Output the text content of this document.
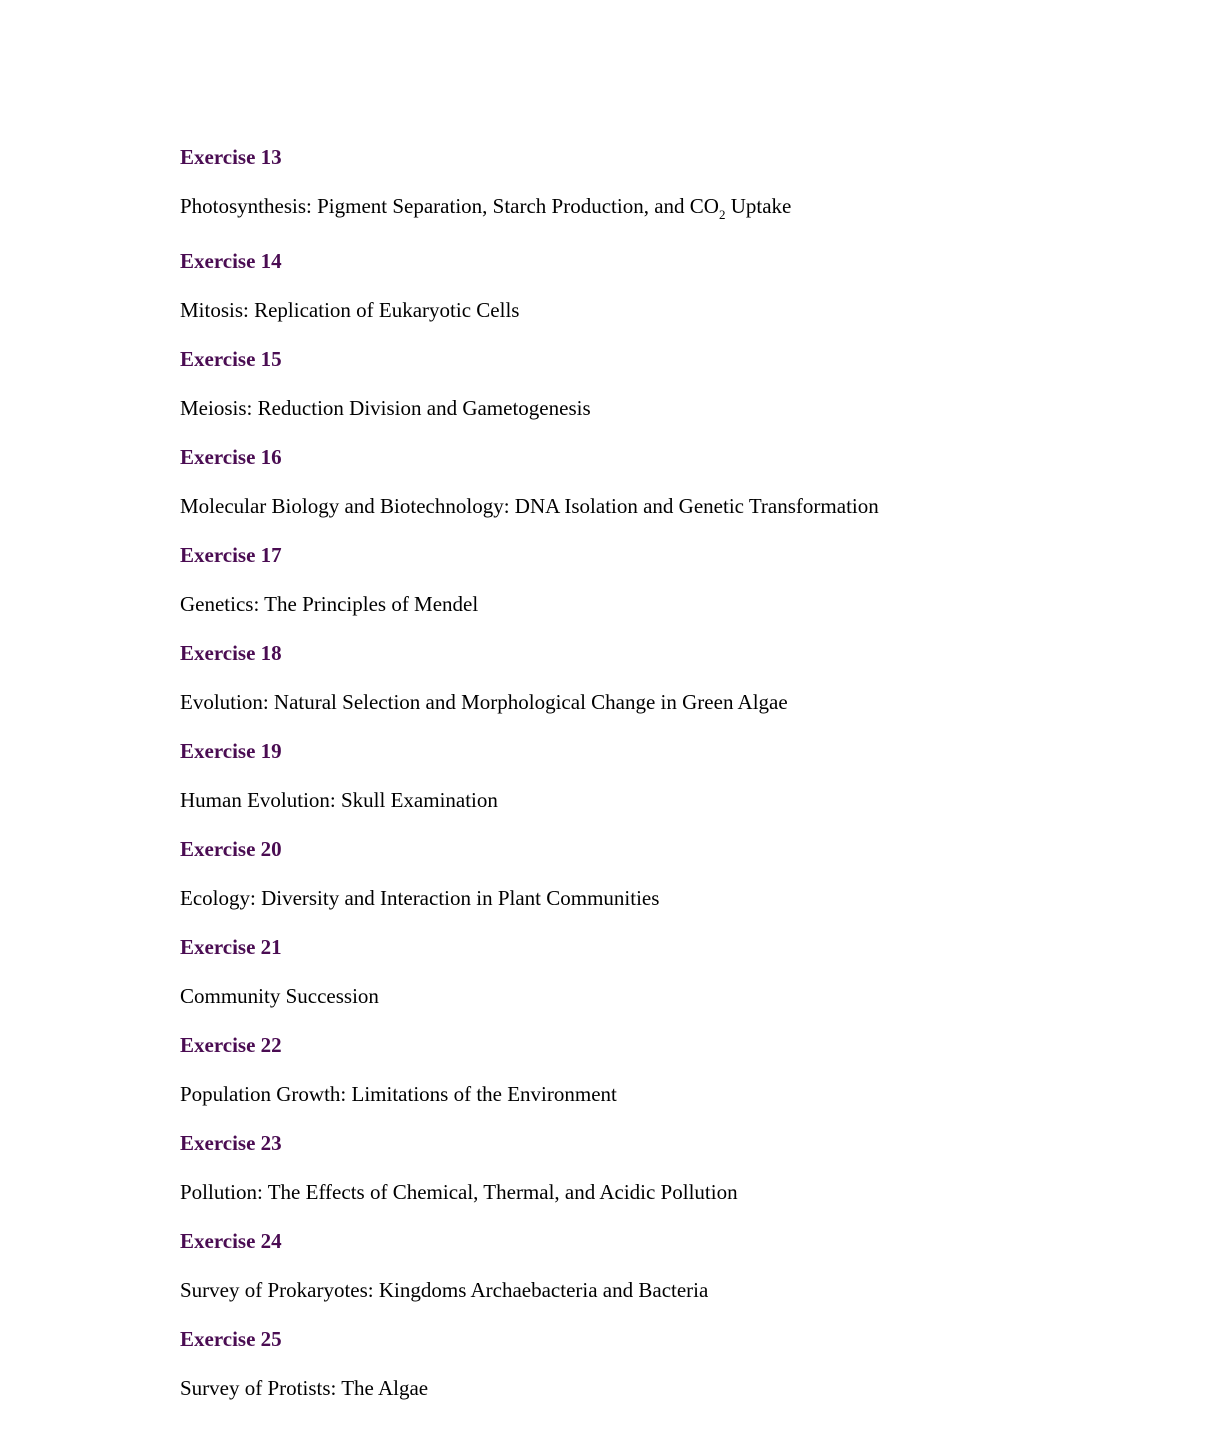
Exercise 13
Photosynthesis: Pigment Separation, Starch Production, and $CO_2$ Uptake
Exercise 14
Mitosis: Replication of Eukaryotic Cells
Exercise 15
Meiosis: Reduction Division and Gametogenesis
Exercise 16
Molecular Biology and Biotechnology: DNA Isolation and Genetic Transformation
Exercise 17
Genetics: The Principles of Mendel
Exercise 18
Evolution: Natural Selection and Morphological Change in Green Algae
Exercise 19
Human Evolution: Skull Examination
Exercise 20
Ecology: Diversity and Interaction in Plant Communities
Exercise 21
Community Succession
Exercise 22
Population Growth: Limitations of the Environment
Exercise 23
Pollution: The Effects of Chemical, Thermal, and Acidic Pollution
Exercise 24
Survey of Prokaryotes: Kingdoms Archaebacteria and Bacteria
Exercise 25
Survey of Protists: The Algae
